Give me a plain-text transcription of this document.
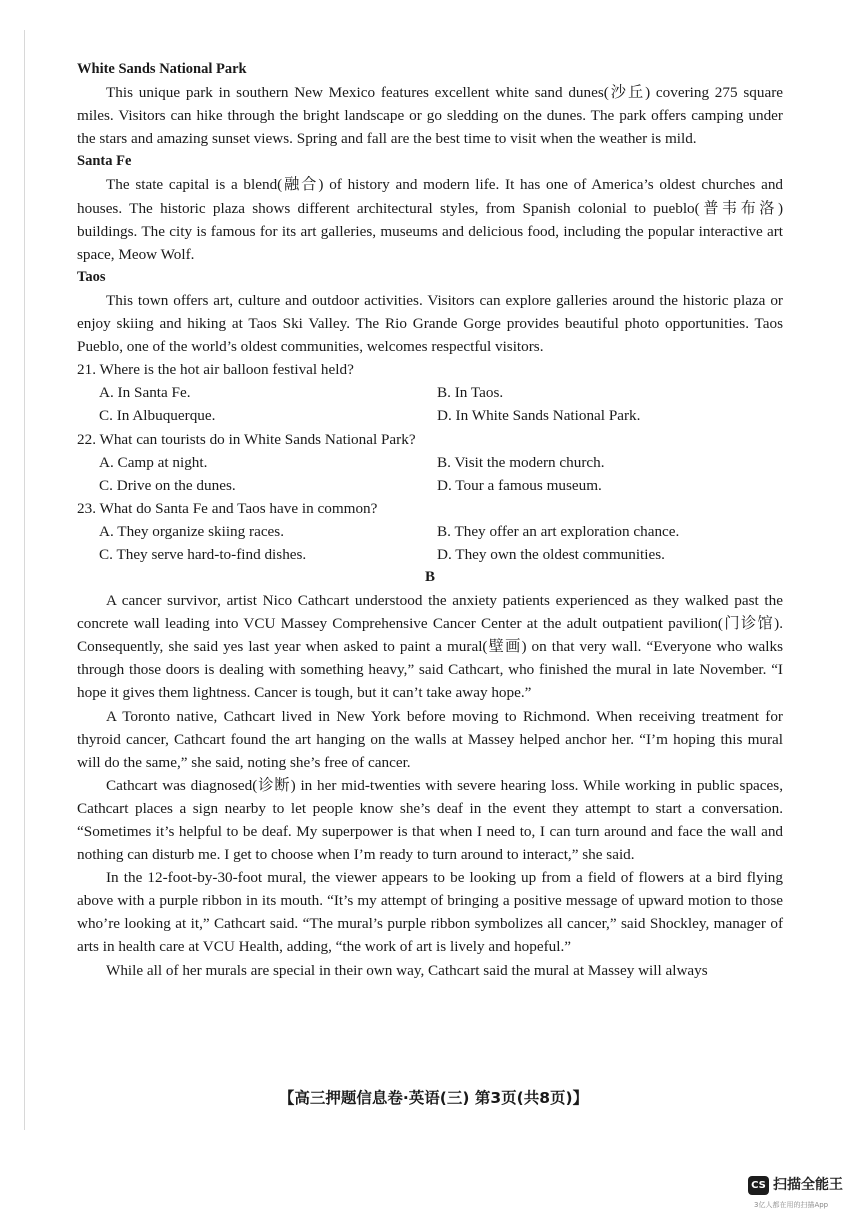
White Sands National Park

This unique park in southern New Mexico features excellent white sand dunes(沙丘) covering 275 square miles. Visitors can hike through the bright landscape or go sledding on the dunes. The park offers camping under the stars and amazing sunset views. Spring and fall are the best time to visit when the weather is mild.

Santa Fe

The state capital is a blend(融合) of history and modern life. It has one of America’s oldest churches and houses. The historic plaza shows different architectural styles, from Spanish colonial to pueblo(普韦布洛) buildings. The city is famous for its art galleries, museums and delicious food, including the popular interactive art space, Meow Wolf.

Taos

This town offers art, culture and outdoor activities. Visitors can explore galleries around the historic plaza or enjoy skiing and hiking at Taos Ski Valley. The Rio Grande Gorge provides beautiful photo opportunities. Taos Pueblo, one of the world’s oldest communities, welcomes respectful visitors.

21. Where is the hot air balloon festival held?

A. In Santa Fe.	B. In Taos.
C. In Albuquerque.	D. In White Sands National Park.

22. What can tourists do in White Sands National Park?

A. Camp at night.	B. Visit the modern church.
C. Drive on the dunes.	D. Tour a famous museum.

23. What do Santa Fe and Taos have in common?

A. They organize skiing races.	B. They offer an art exploration chance.
C. They serve hard-to-find dishes.	D. They own the oldest communities.

B

A cancer survivor, artist Nico Cathcart understood the anxiety patients experienced as they walked past the concrete wall leading into VCU Massey Comprehensive Cancer Center at the adult outpatient pavilion(门诊馆). Consequently, she said yes last year when asked to paint a mural(壁画) on that very wall. “Everyone who walks through those doors is dealing with something heavy,” said Cathcart, who finished the mural in late November. “I hope it gives them lightness. Cancer is tough, but it can’t take away hope.”

A Toronto native, Cathcart lived in New York before moving to Richmond. When receiving treatment for thyroid cancer, Cathcart found the art hanging on the walls at Massey helped anchor her. “I’m hoping this mural will do the same,” she said, noting she’s free of cancer.

Cathcart was diagnosed(诊断) in her mid-twenties with severe hearing loss. While working in public spaces, Cathcart places a sign nearby to let people know she’s deaf in the event they attempt to start a conversation. “Sometimes it’s helpful to be deaf. My superpower is that when I need to, I can turn around and face the wall and nothing can disturb me. I get to choose when I’m ready to turn around to interact,” she said.

In the 12-foot-by-30-foot mural, the viewer appears to be looking up from a field of flowers at a bird flying above with a purple ribbon in its mouth. “It’s my attempt of bringing a positive message of upward motion to those who’re looking at it,” Cathcart said. “The mural’s purple ribbon symbolizes all cancer,” said Shockley, manager of arts in health care at VCU Health, adding, “the work of art is lively and hopeful.”

While all of her murals are special in their own way, Cathcart said the mural at Massey will always

【高三押题信息卷·英语(三) 第3页(共8页)】
CS 扫描全能王
3亿人都在用的扫描App
